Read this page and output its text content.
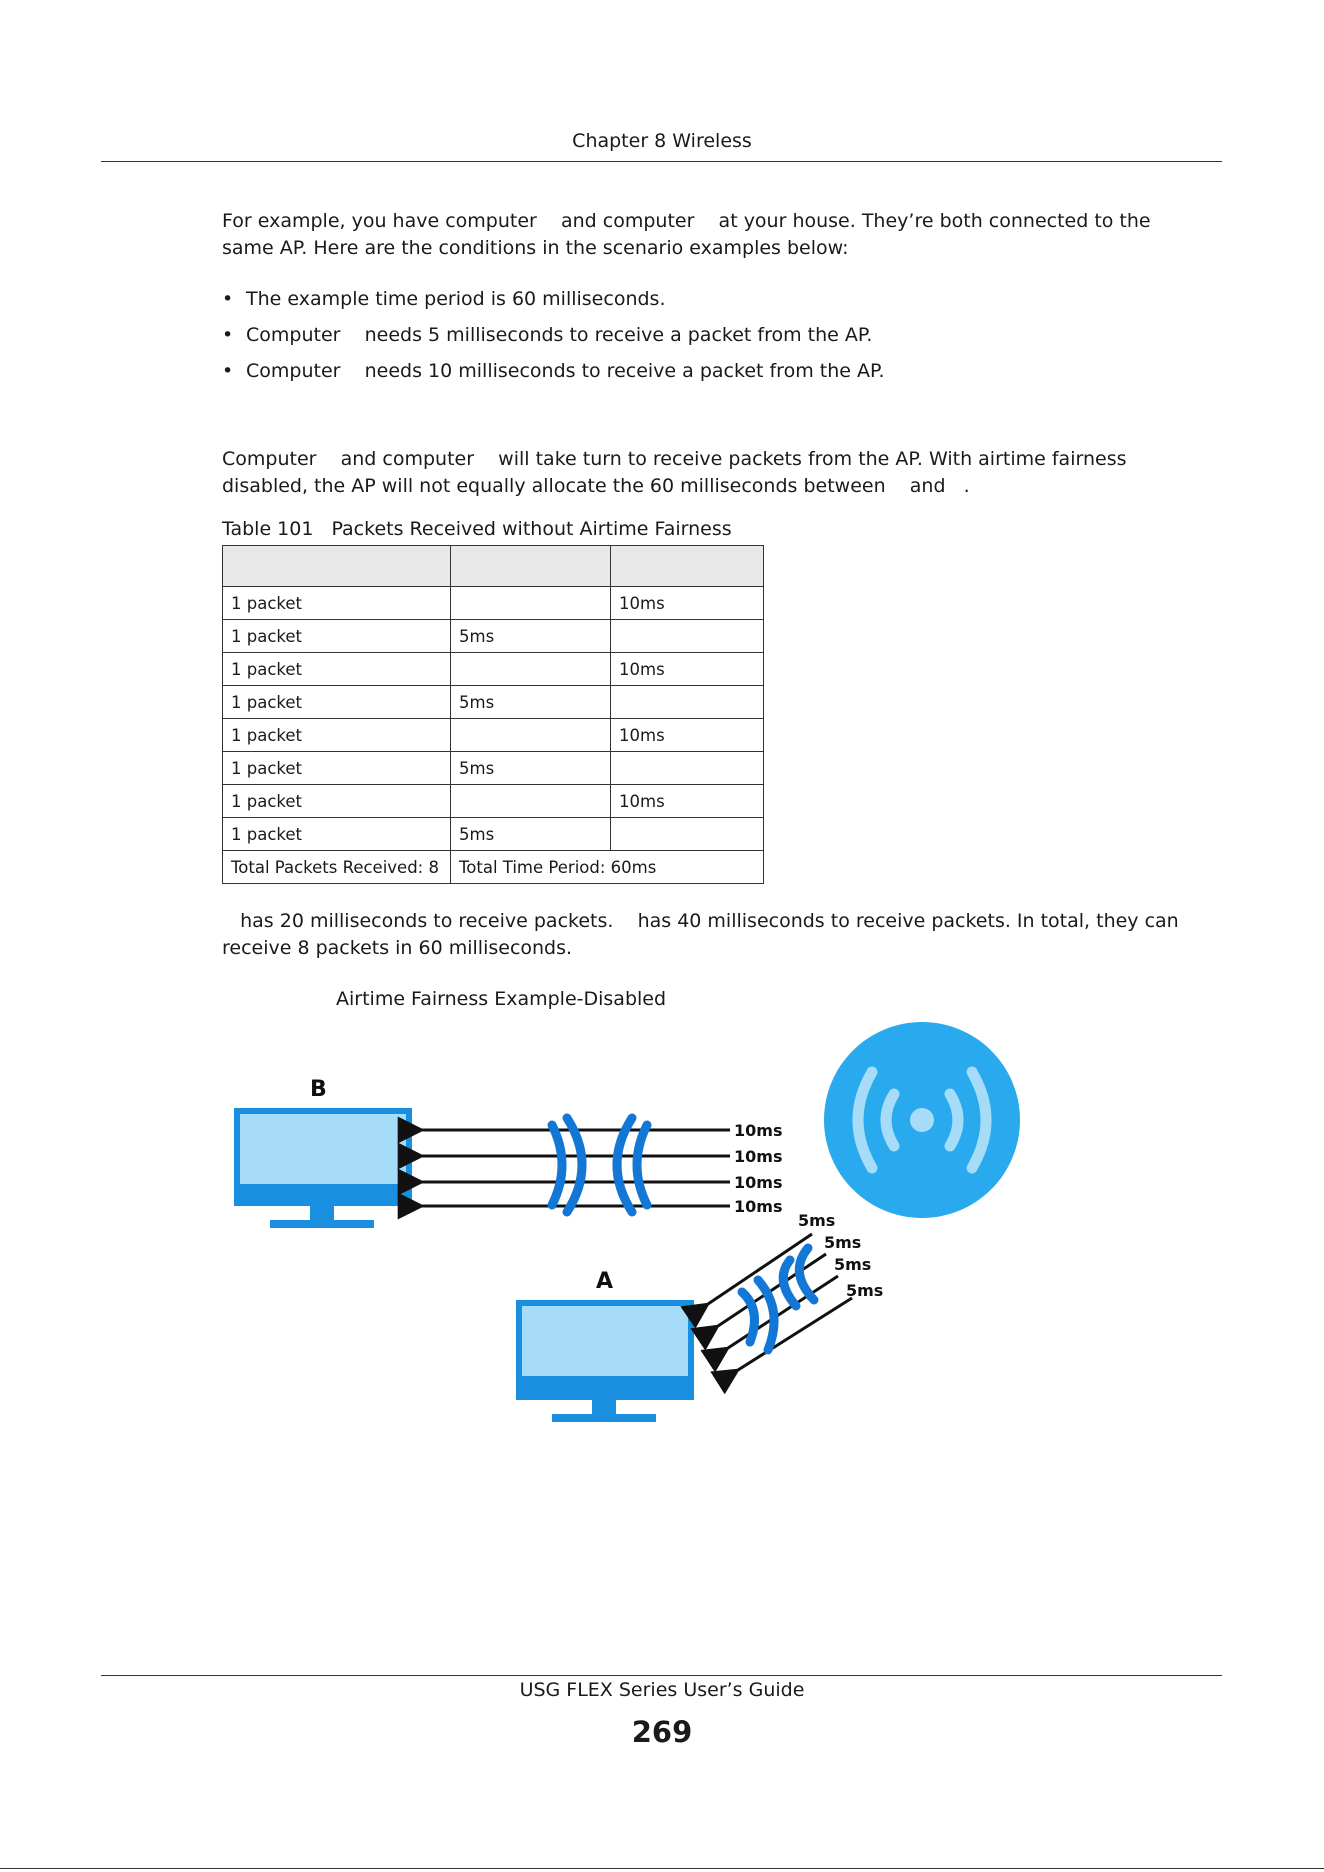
Chapter 8 Wireless

For example, you have computer    and computer    at your house. They’re both connected to the

same AP. Here are the conditions in the scenario examples below:

• The example time period is 60 milliseconds.
• Computer    needs 5 milliseconds to receive a packet from the AP.
• Computer    needs 10 milliseconds to receive a packet from the AP.

Computer    and computer    will take turn to receive packets from the AP. With airtime fairness

disabled, the AP will not equally allocate the 60 milliseconds between    and   .

Table 101 Packets Received without Airtime Fairness

1 packet		10ms
1 packet	5ms	
1 packet		10ms
1 packet	5ms	
1 packet		10ms
1 packet	5ms	
1 packet		10ms
1 packet	5ms	
Total Packets Received: 8	Total Time Period: 60ms	

has 20 milliseconds to receive packets.    has 40 milliseconds to receive packets. In total, they can

receive 8 packets in 60 milliseconds.

Airtime Fairness Example-Disabled
B
10ms
10ms
10ms
10ms
A
5ms
5ms
5ms
5ms
USG FLEX Series User’s Guide
269
